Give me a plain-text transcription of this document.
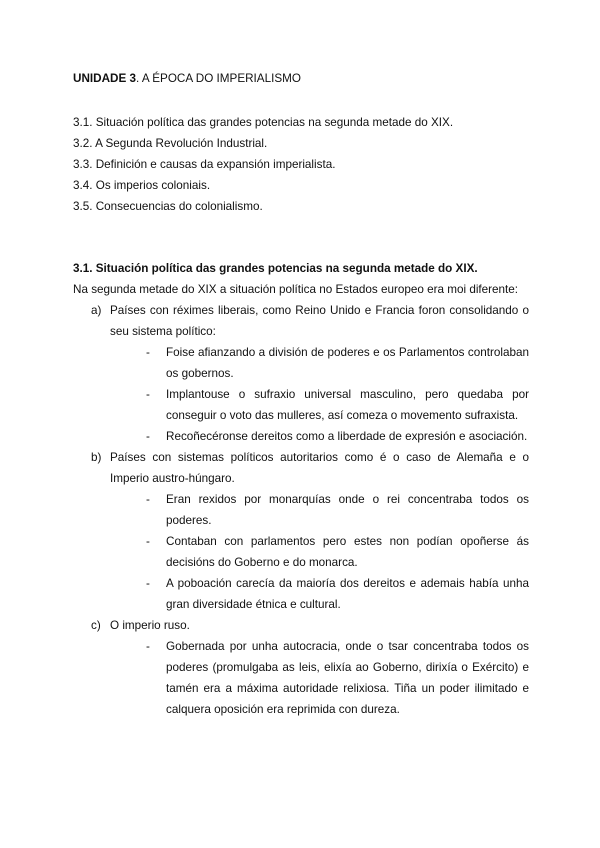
UNIDADE 3. A ÉPOCA DO IMPERIALISMO
3.1. Situación política das grandes potencias na segunda metade do XIX.
3.2. A Segunda Revolución Industrial.
3.3. Definición e causas da expansión imperialista.
3.4. Os imperios coloniais.
3.5. Consecuencias do colonialismo.
3.1. Situación política das grandes potencias na segunda metade do XIX.

Na segunda metade do XIX a situación política no Estados europeo era moi diferente:

a) Países con réximes liberais, como Reino Unido e Francia foron consolidando o seu sistema político:

- Foise afianzando a división de poderes e os Parlamentos controlaban os gobernos.
- Implantouse o sufraxio universal masculino, pero quedaba por conseguir o voto das mulleres, así comeza o movemento sufraxista.
- Recoñecéronse dereitos como a liberdade de expresión e asociación.
b) Países con sistemas políticos autoritarios como é o caso de Alemaña e o Imperio austro-húngaro.

- Eran rexidos por monarquías onde o rei concentraba todos os poderes.
- Contaban con parlamentos pero estes non podían opoñerse ás decisións do Goberno e do monarca.
- A poboación carecía da maioría dos dereitos e ademais había unha gran diversidade étnica e cultural.
c) O imperio ruso.

- Gobernada por unha autocracia, onde o tsar concentraba todos os poderes (promulgaba as leis, elixía ao Goberno, dirixía o Exército) e tamén era a máxima autoridade relixiosa. Tiña un poder ilimitado e calquera oposición era reprimida con dureza.
